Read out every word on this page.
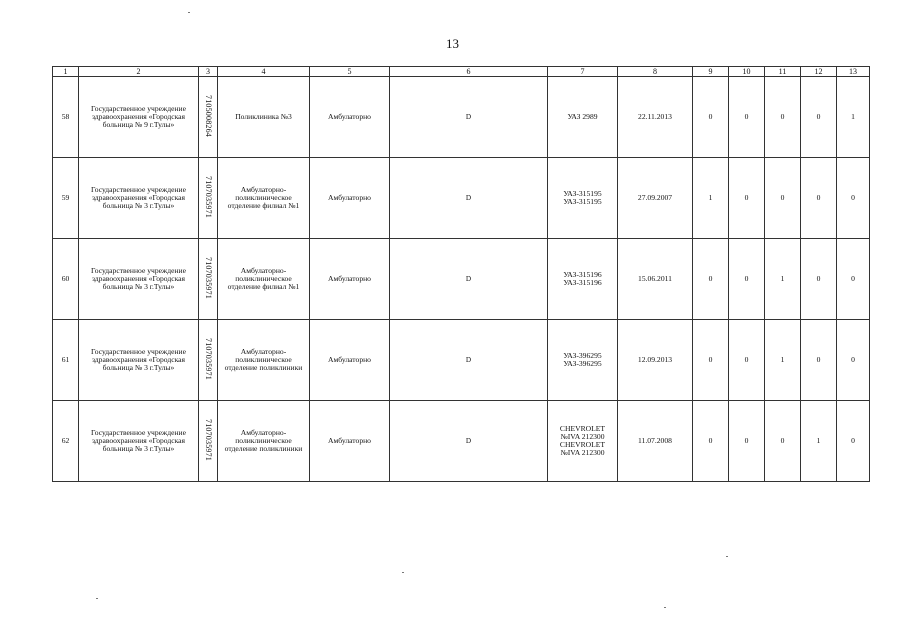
13
1	2	3	4	5	6	7	8	9	10	11	12	13
58	Государственное учреждение здравоохранения «Городская больница № 9 г.Тулы»	7105008264	Поликлиника №3	Амбулаторно	D	УАЗ 2989	22.11.2013	0	0	0	0	1
59	Государственное учреждение здравоохранения «Городская больница № 3 г.Тулы»	7107035971	Амбулаторно-поликлиническое отделение филиал №1	Амбулаторно	D	УАЗ-315195 УАЗ-315195	27.09.2007	1	0	0	0	0
60	Государственное учреждение здравоохранения «Городская больница № 3 г.Тулы»	7107035971	Амбулаторно-поликлиническое отделение филиал №1	Амбулаторно	D	УАЗ-315196 УАЗ-315196	15.06.2011	0	0	1	0	0
61	Государственное учреждение здравоохранения «Городская больница № 3 г.Тулы»	7107035971	Амбулаторно-поликлиническое отделение поликлиники	Амбулаторно	D	УАЗ-396295 УАЗ-396295	12.09.2013	0	0	1	0	0
62	Государственное учреждение здравоохранения «Городская больница № 3 г.Тулы»	7107035971	Амбулаторно-поликлиническое отделение поликлиники	Амбулаторно	D	CHEVROLET №IVA 212300 CHEVROLET №IVA 212300	11.07.2008	0	0	0	1	0
